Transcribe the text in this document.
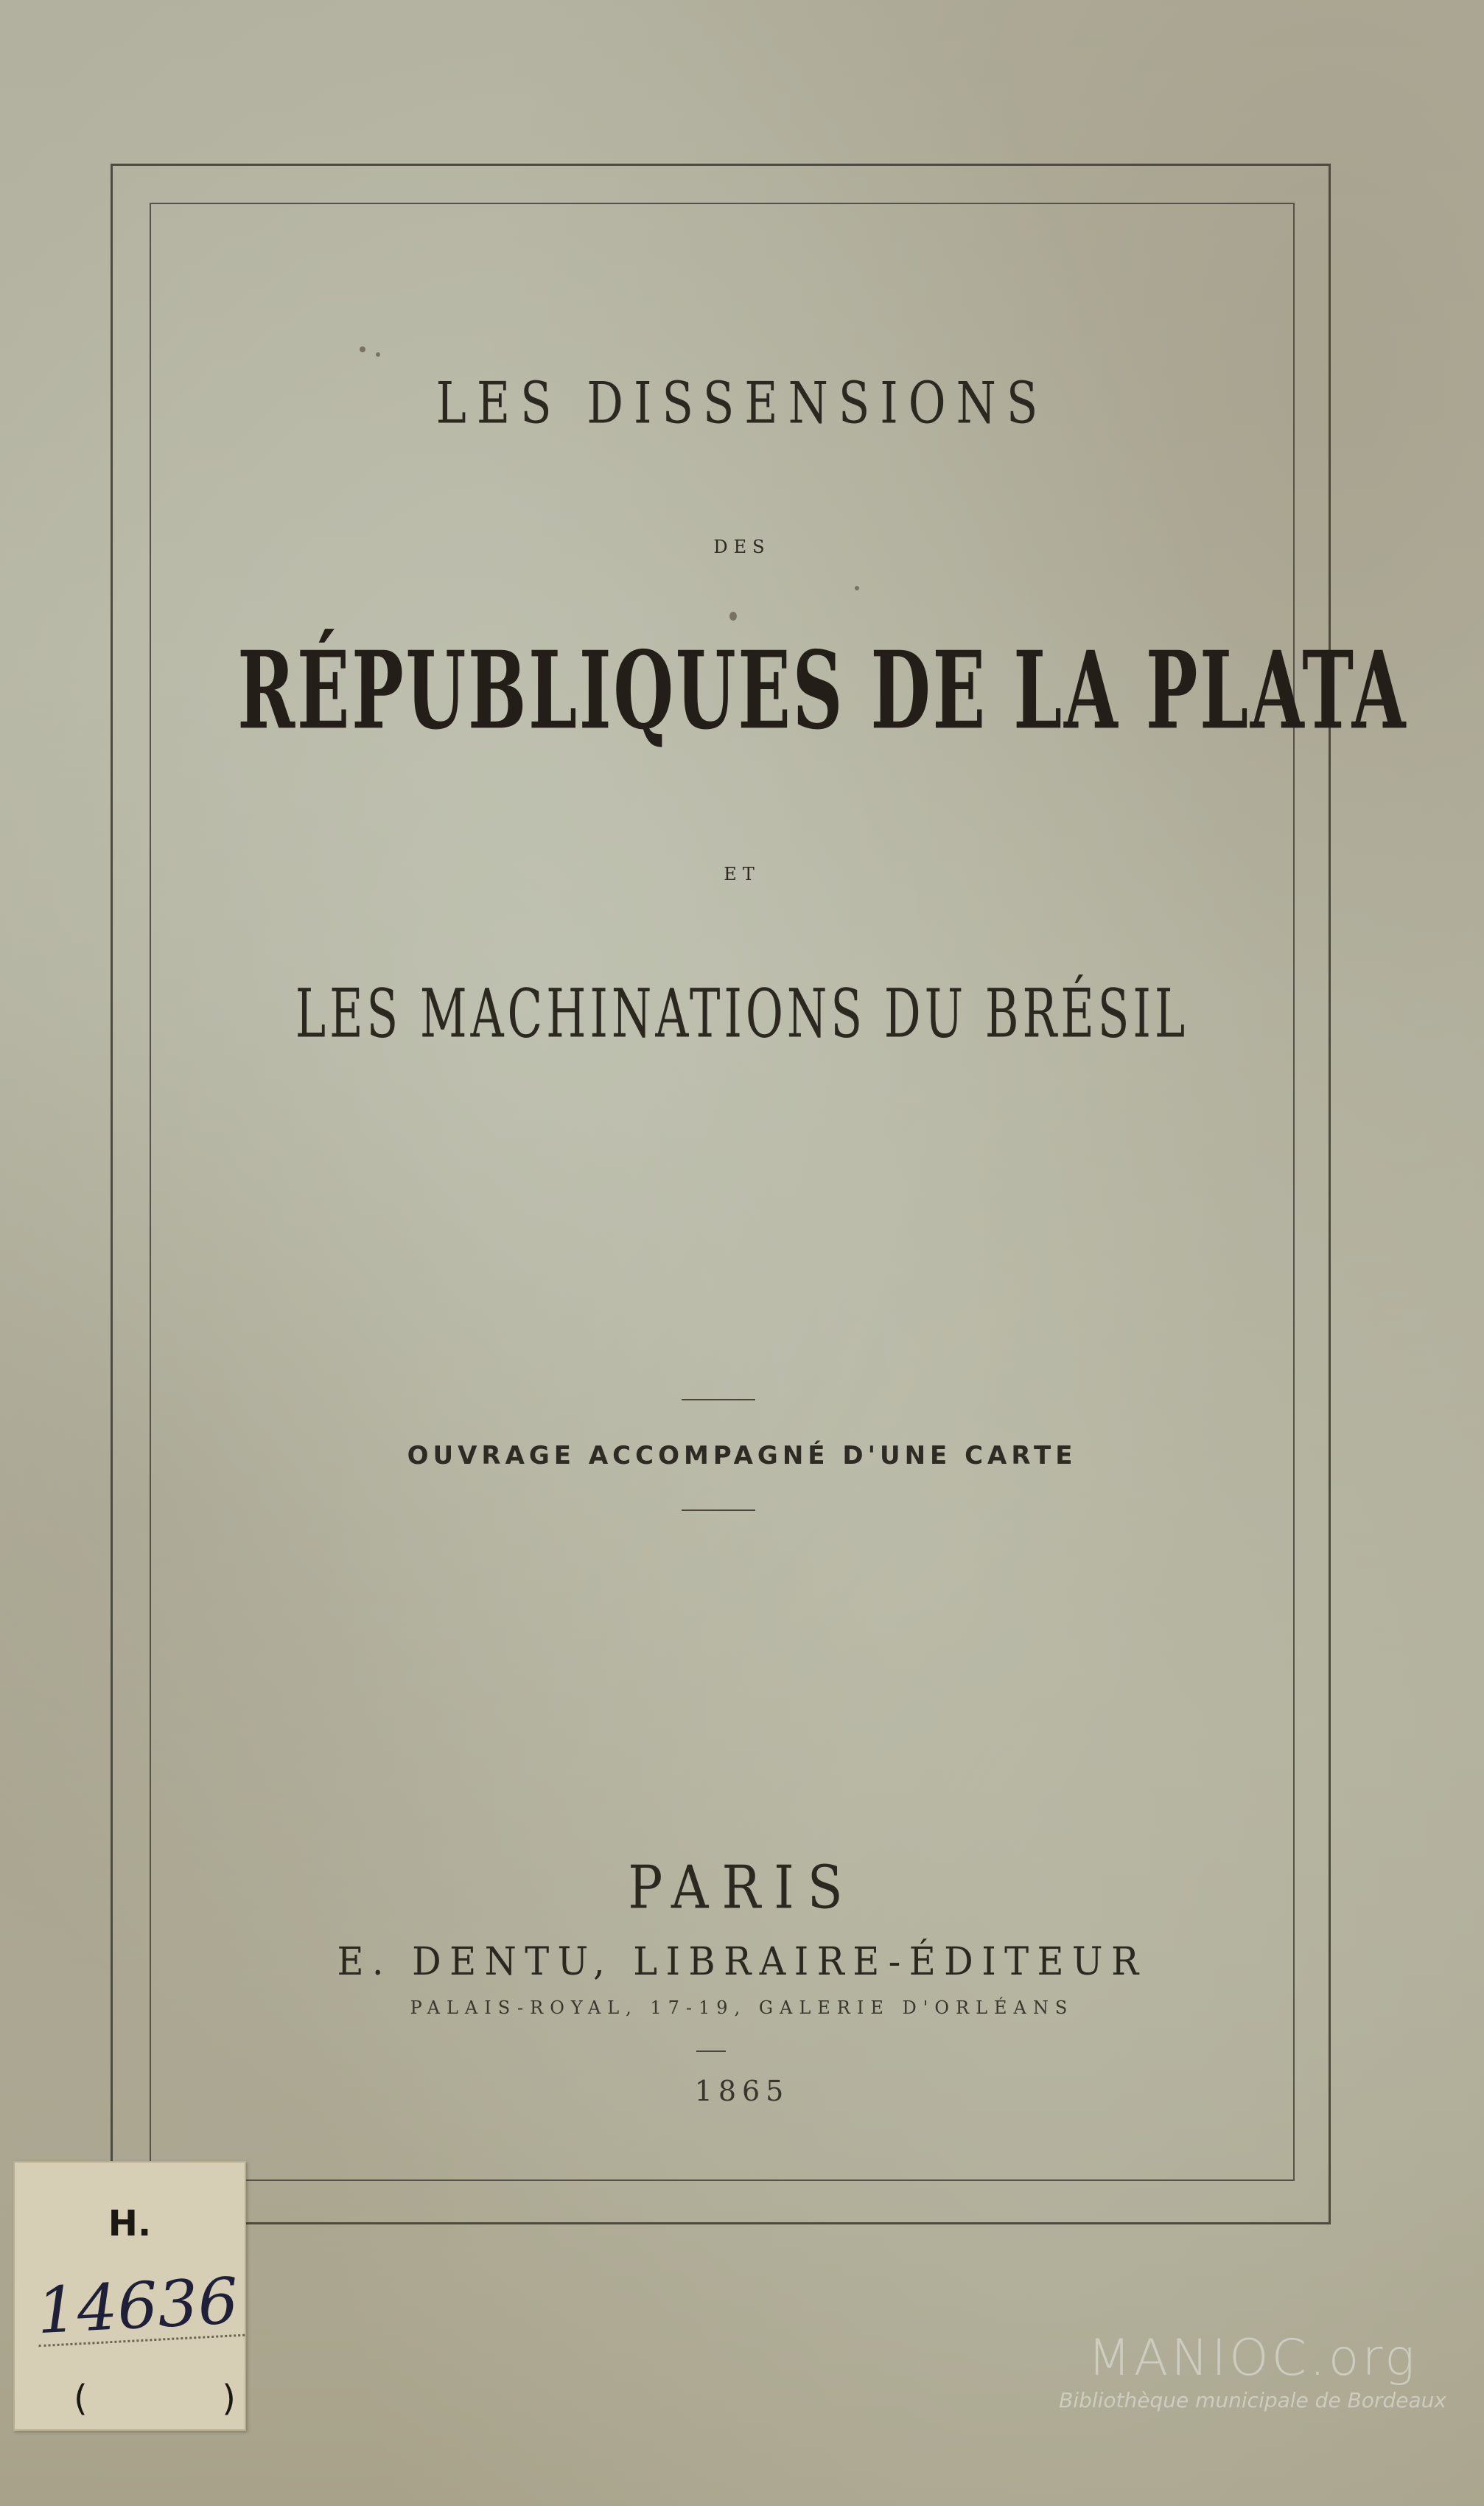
LES DISSENSIONS
DES
RÉPUBLIQUES DE LA PLATA
ET
LES MACHINATIONS DU BRÉSIL
OUVRAGE ACCOMPAGNÉ D'UNE CARTE
PARIS
E. DENTU, LIBRAIRE-ÉDITEUR
PALAIS-ROYAL, 17-19, GALERIE D'ORLÉANS
1865
H.
14636
(	)
MANIOC.org
Bibliothèque municipale de Bordeaux
